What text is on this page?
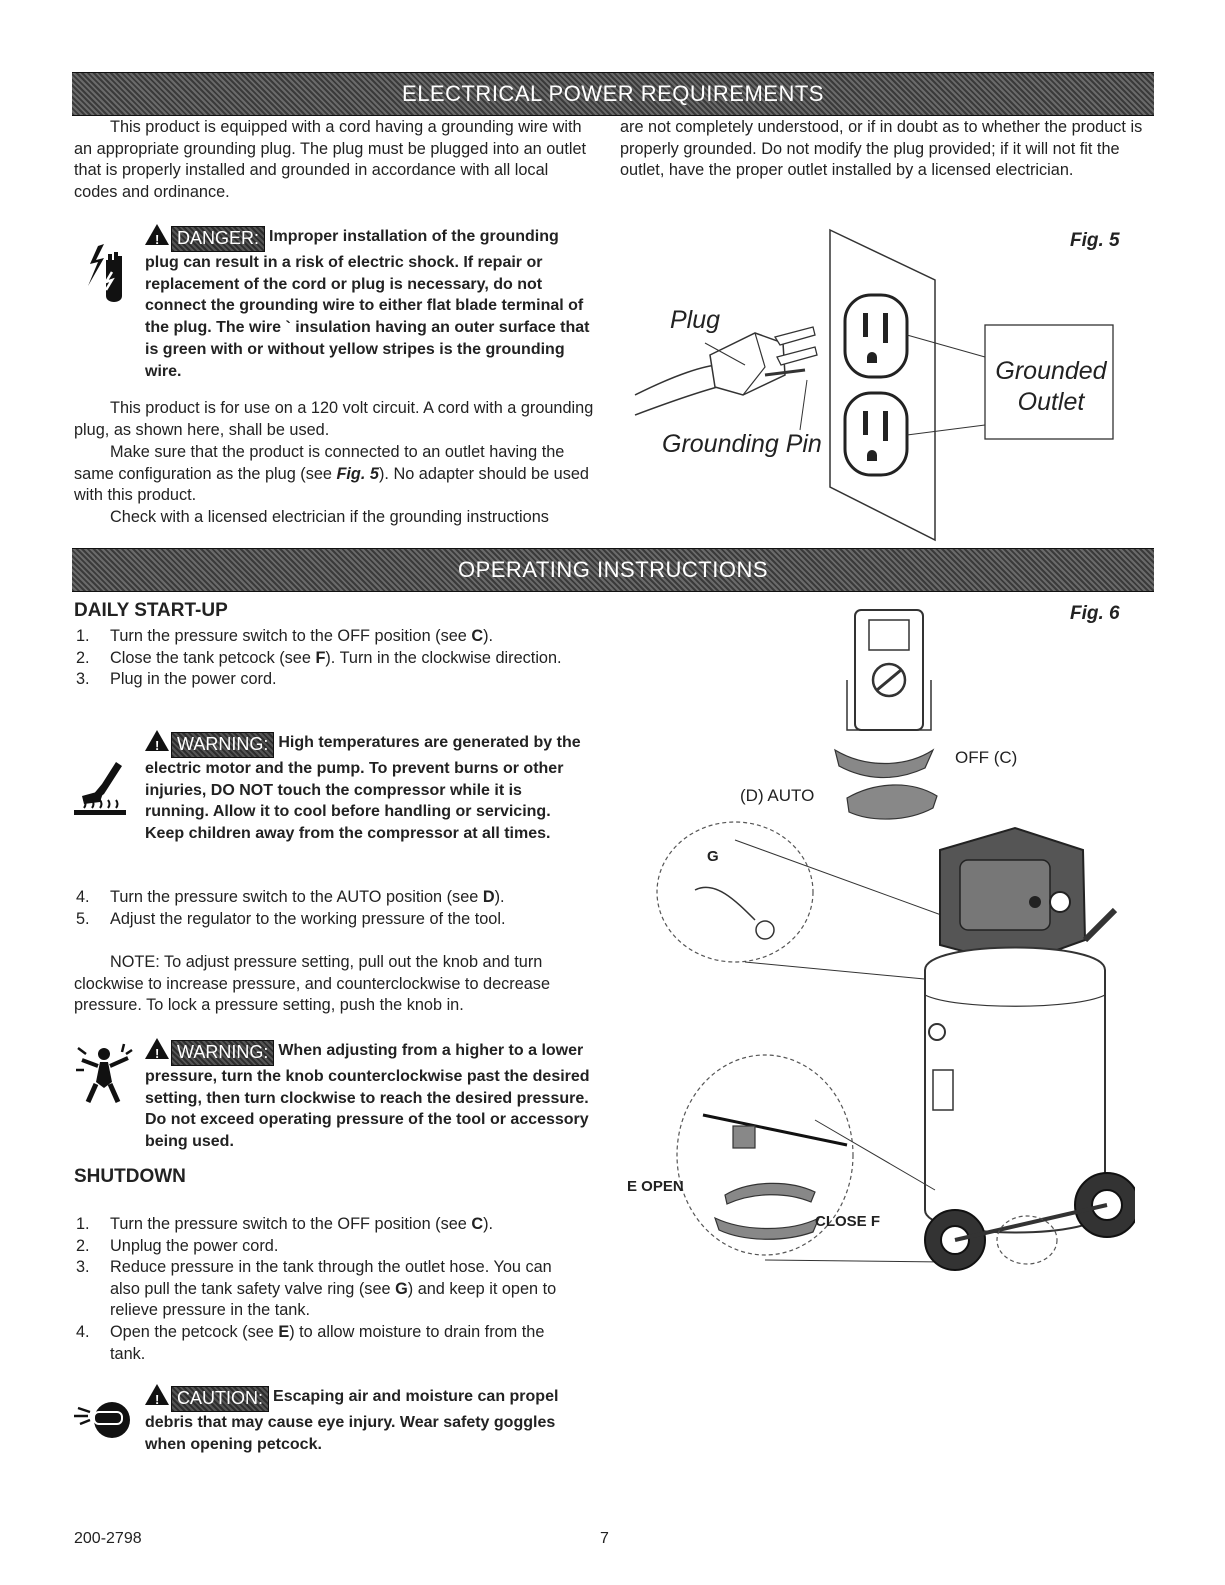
ELECTRICAL POWER REQUIREMENTS

This product is equipped with a cord having a grounding wire with an appropriate grounding plug. The plug must be plugged into an outlet that is properly installed and grounded in accordance with all local codes and ordinance.

are not completely understood, or if in doubt as to whether the product is properly grounded. Do not modify the plug provided; if it will not fit the outlet, have the proper outlet installed by a licensed electrician.

! DANGER: Improper installation of the grounding plug can result in a risk of electric shock. If repair or replacement of the cord or plug is necessary, do not connect the grounding wire to either flat blade terminal of the plug. The wire ` insulation having an outer surface that is green with or without yellow stripes is the grounding wire.

This product is for use on a 120 volt circuit. A cord with a grounding plug, as shown here, shall be used.

Make sure that the product is connected to an outlet having the same configuration as the plug (see Fig. 5). No adapter should be used with this product.

Check with a licensed electrician if the grounding instructions

Fig. 5
Plug
Grounding Pin
Grounded
Outlet
OPERATING INSTRUCTIONS
DAILY START-UP
1. Turn the pressure switch to the OFF position (see C).
2. Close the tank petcock (see F). Turn in the clockwise direction.
3. Plug in the power cord.
! WARNING: High temperatures are generated by the electric motor and the pump. To prevent burns or other injuries, DO NOT touch the compressor while it is running. Allow it to cool before handling or servicing. Keep children away from the compressor at all times.
4. Turn the pressure switch to the AUTO position (see D).
5. Adjust the regulator to the working pressure of the tool.

NOTE: To adjust pressure setting, pull out the knob and turn clockwise to increase pressure, and counterclockwise to decrease pressure. To lock a pressure setting, push the knob in.

! WARNING: When adjusting from a higher to a lower pressure, turn the knob counterclockwise past the desired setting, then turn clockwise to reach the desired pressure. Do not exceed operating pressure of the tool or accessory being used.
SHUTDOWN
1. Turn the pressure switch to the OFF position (see C).
2. Unplug the power cord.
3. Reduce pressure in the tank through the outlet hose. You can also pull the tank safety valve ring (see G) and keep it open to relieve pressure in the tank.
4. Open the petcock (see E) to allow moisture to drain from the tank.
! CAUTION: Escaping air and moisture can propel debris that may cause eye injury. Wear safety goggles when opening petcock.
Fig. 6
OFF (C)
(D) AUTO
G
E OPEN
CLOSE F
200-2798	7
